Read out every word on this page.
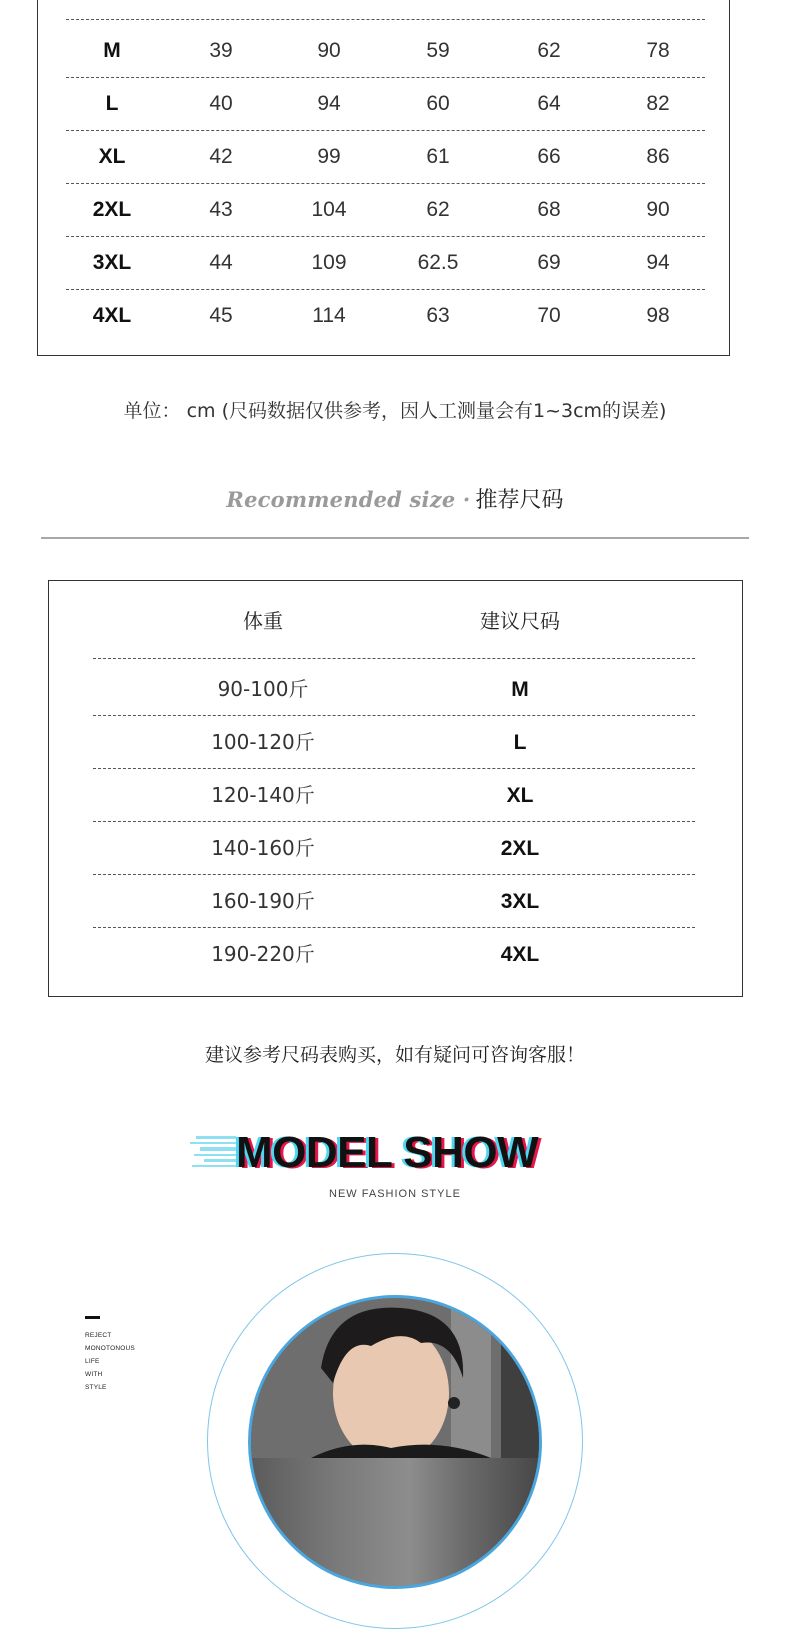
M	39	90	59	62	78
L	40	94	60	64	82
XL	42	99	61	66	86
2XL	43	104	62	68	90
3XL	44	109	62.5	69	94
4XL	45	114	63	70	98
单位： cm (尺码数据仅供参考，因人工测量会有1~3cm的误差)
Recommended size · 推荐尺码
体重	建议尺码
90-100斤	M
100-120斤	L
120-140斤	XL
140-160斤	2XL
160-190斤	3XL
190-220斤	4XL
建议参考尺码表购买，如有疑问可咨询客服！
MODEL SHOW
NEW FASHION STYLE
REJECT
MONOTONOUS
LIFE
WITH
STYLE
